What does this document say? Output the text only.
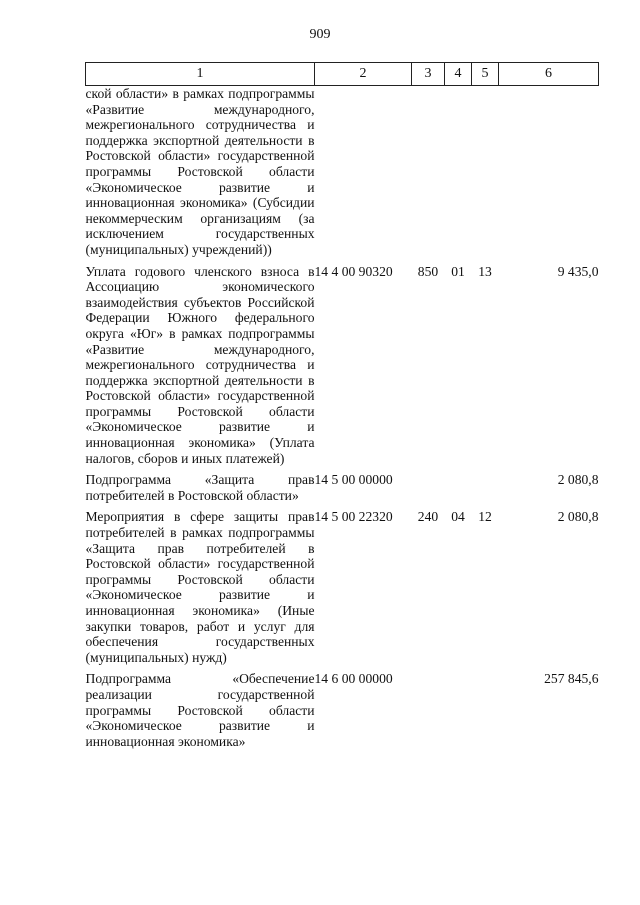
909
1	2	3	4	5	6
ской области» в рамках подпрограммы «Развитие международного, межрегионального сотрудничества и поддержка экспортной деятельности в Ростовской области» государственной программы Ростовской области «Экономическое развитие и инновационная экономика» (Субсидии некоммерческим организациям (за исключением государственных (муниципальных) учреждений))					
Уплата годового членского взноса в Ассоциацию экономического взаимодействия субъектов Российской Федерации Южного федерального округа «Юг» в рамках подпрограммы «Развитие международного, межрегионального сотрудничества и поддержка экспортной деятельности в Ростовской области» государственной программы Ростовской области «Экономическое развитие и инновационная экономика» (Уплата налогов, сборов и иных платежей)	14 4 00 90320	850	01	13	9 435,0
Подпрограмма «Защита прав потребителей в Ростовской области»	14 5 00 00000				2 080,8
Мероприятия в сфере защиты прав потребителей в рамках подпрограммы «Защита прав потребителей в Ростовской области» государственной программы Ростовской области «Экономическое развитие и инновационная экономика» (Иные закупки товаров, работ и услуг для обеспечения государственных (муниципальных) нужд)	14 5 00 22320	240	04	12	2 080,8
Подпрограмма «Обеспечение реализации государственной программы Ростовской области «Экономическое развитие и инновационная экономика»	14 6 00 00000				257 845,6
